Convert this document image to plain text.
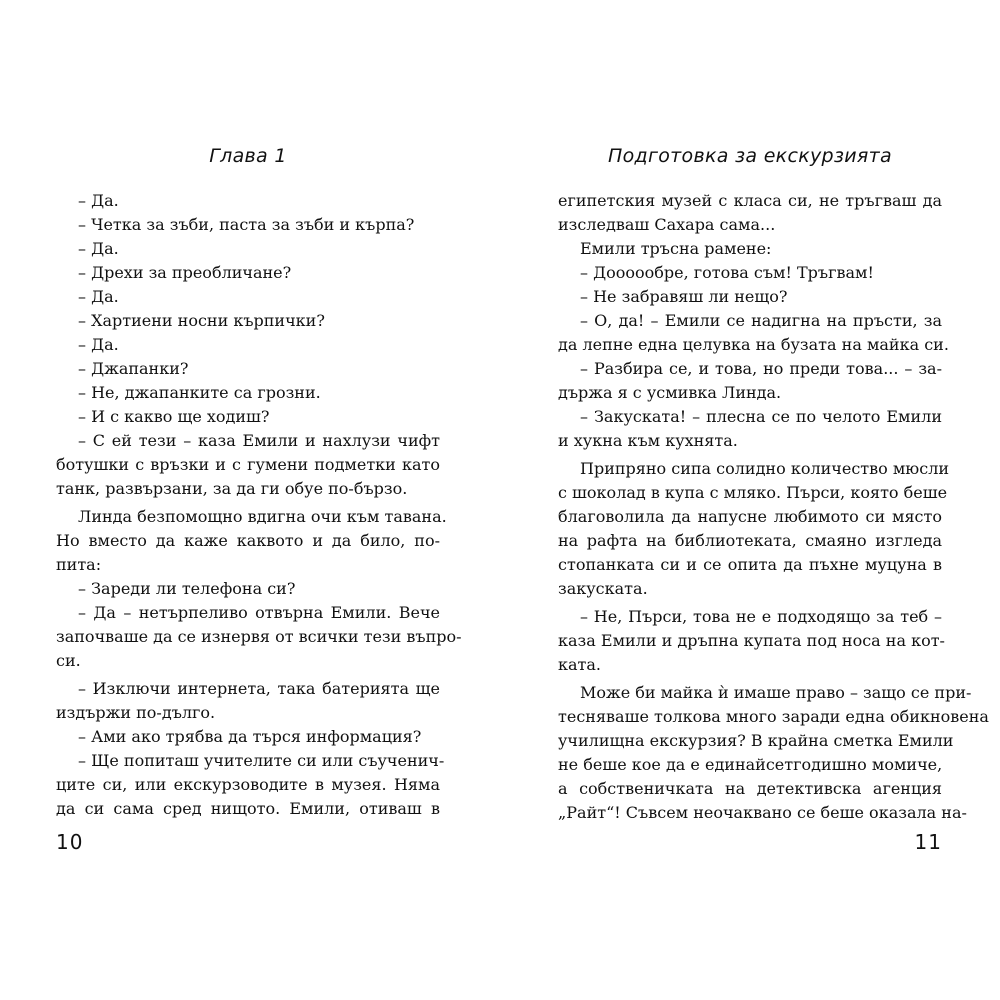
Глава 1
– Да.
– Четка за зъби, паста за зъби и кърпа?
– Да.
– Дрехи за преобличане?
– Да.
– Хартиени носни кърпички?
– Да.
– Джапанки?
– Не, джапанките са грозни.
– И с какво ще ходиш?
– С ей тези – каза Емили и нахлузи чифт
ботушки с връзки и с гумени подметки като
танк, развързани, за да ги обуе по-бързо.
Линда безпомощно вдигна очи към тавана.
Но вместо да каже каквото и да било, по-
пита:
– Зареди ли телефона си?
– Да – нетърпеливо отвърна Емили. Вече
започваше да се изнервя от всички тези въпро-
си.
– Изключи интернета, така батерията ще
издържи по-дълго.
– Ами ако трябва да търся информация?
– Ще попиташ учителите си или съученич-
ците си, или екскурзоводите в музея. Няма
да си сама сред нищото. Емили, отиваш в
10
Подготовка за екскурзията
египетския музей с класа си, не тръгваш да
изследваш Сахара сама...
Емили тръсна рамене:
– Доооообре, готова съм! Тръгвам!
– Не забравяш ли нещо?
– О, да! – Емили се надигна на пръсти, за
да лепне една целувка на бузата на майка си.
– Разбира се, и това, но преди това... – за-
държа я с усмивка Линда.
– Закуската! – плесна се по челото Емили
и хукна към кухнята.
Припряно сипа солидно количество мюсли
с шоколад в купа с мляко. Пърси, която беше
благоволила да напусне любимото си място
на рафта на библиотеката, смаяно изгледа
стопанката си и се опита да пъхне муцуна в
закуската.
– Не, Пърси, това не е подходящо за теб –
каза Емили и дръпна купата под носа на кот-
ката.
Може би майка ѝ имаше право – защо се при-
тесняваше толкова много заради една обикновена
училищна екскурзия? В крайна сметка Емили
не беше кое да е единайсетгодишно момиче,
а собственичката на детективска агенция
„Райт“! Съвсем неочаквано се беше оказала на-
11
